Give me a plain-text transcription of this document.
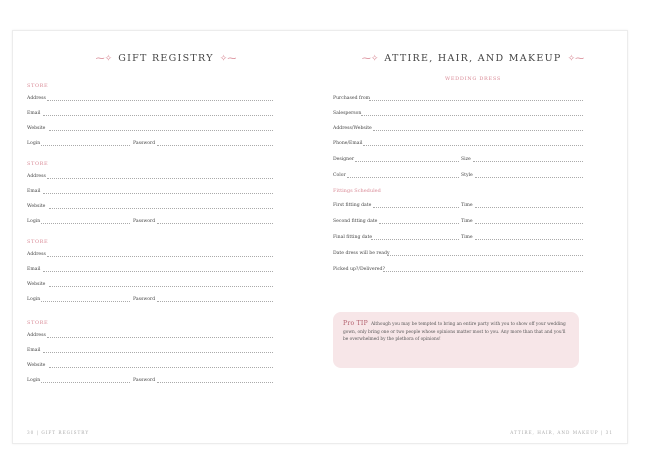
⁓✧ GIFT REGISTRY ✧⁓
STORE
Address
Email
Website
Login	Password
STORE
Address
Email
Website
Login	Password
STORE
Address
Email
Website
Login	Password
STORE
Address
Email
Website
Login	Password
30 | GIFT REGISTRY
⁓✧ ATTIRE, HAIR, AND MAKEUP ✧⁓
WEDDING DRESS
Purchased from
Salesperson
Address/Website
Phone/Email
Designer	Size
Color	Style
Fittings Scheduled
First fitting date	Time
Second fitting date	Time
Final fitting date	Time
Date dress will be ready
Picked up?/Delivered?
Pro TIP Although you may be tempted to bring an entire party with you to show off your wedding gown, only bring one or two people whose opinions matter most to you. Any more than that and you'll be overwhelmed by the plethora of opinions!
ATTIRE, HAIR, AND MAKEUP | 31
